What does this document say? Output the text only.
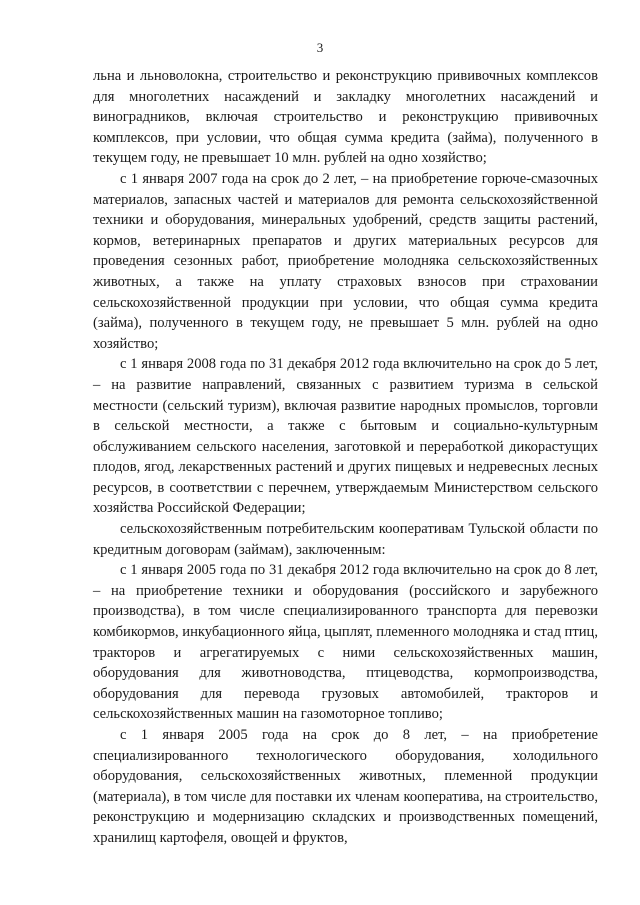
3

льна и льноволокна, строительство и реконструкцию прививочных комплексов для многолетних насаждений и закладку многолетних насаждений и виноградников, включая строительство и реконструкцию прививочных комплексов, при условии, что общая сумма кредита (займа), полученного в текущем году, не превышает 10 млн. рублей на одно хозяйство;

с 1 января 2007 года на срок до 2 лет, – на приобретение горюче-смазочных материалов, запасных частей и материалов для ремонта сельскохозяйственной техники и оборудования, минеральных удобрений, средств защиты растений, кормов, ветеринарных препаратов и других материальных ресурсов для проведения сезонных работ, приобретение молодняка сельскохозяйственных животных, а также на уплату страховых взносов при страховании сельскохозяйственной продукции при условии, что общая сумма кредита (займа), полученного в текущем году, не превышает 5 млн. рублей на одно хозяйство;

с 1 января 2008 года по 31 декабря 2012 года включительно на срок до 5 лет, – на развитие направлений, связанных с развитием туризма в сельской местности (сельский туризм), включая развитие народных промыслов, торговли в сельской местности, а также с бытовым и социально-культурным обслуживанием сельского населения, заготовкой и переработкой дикорастущих плодов, ягод, лекарственных растений и других пищевых и недревесных лесных ресурсов, в соответствии с перечнем, утверждаемым Министерством сельского хозяйства Российской Федерации;

сельскохозяйственным потребительским кооперативам Тульской области по кредитным договорам (займам), заключенным:

с 1 января 2005 года по 31 декабря 2012 года включительно на срок до 8 лет, – на приобретение техники и оборудования (российского и зарубежного производства), в том числе специализированного транспорта для перевозки комбикормов, инкубационного яйца, цыплят, племенного молодняка и стад птиц, тракторов и агрегатируемых с ними сельскохозяйственных машин, оборудования для животноводства, птицеводства, кормопроизводства, оборудования для перевода грузовых автомобилей, тракторов и сельскохозяйственных машин на газомоторное топливо;

с 1 января 2005 года на срок до 8 лет, – на приобретение специализированного технологического оборудования, холодильного оборудования, сельскохозяйственных животных, племенной продукции (материала), в том числе для поставки их членам кооператива, на строительство, реконструкцию и модернизацию складских и производственных помещений, хранилищ картофеля, овощей и фруктов,
